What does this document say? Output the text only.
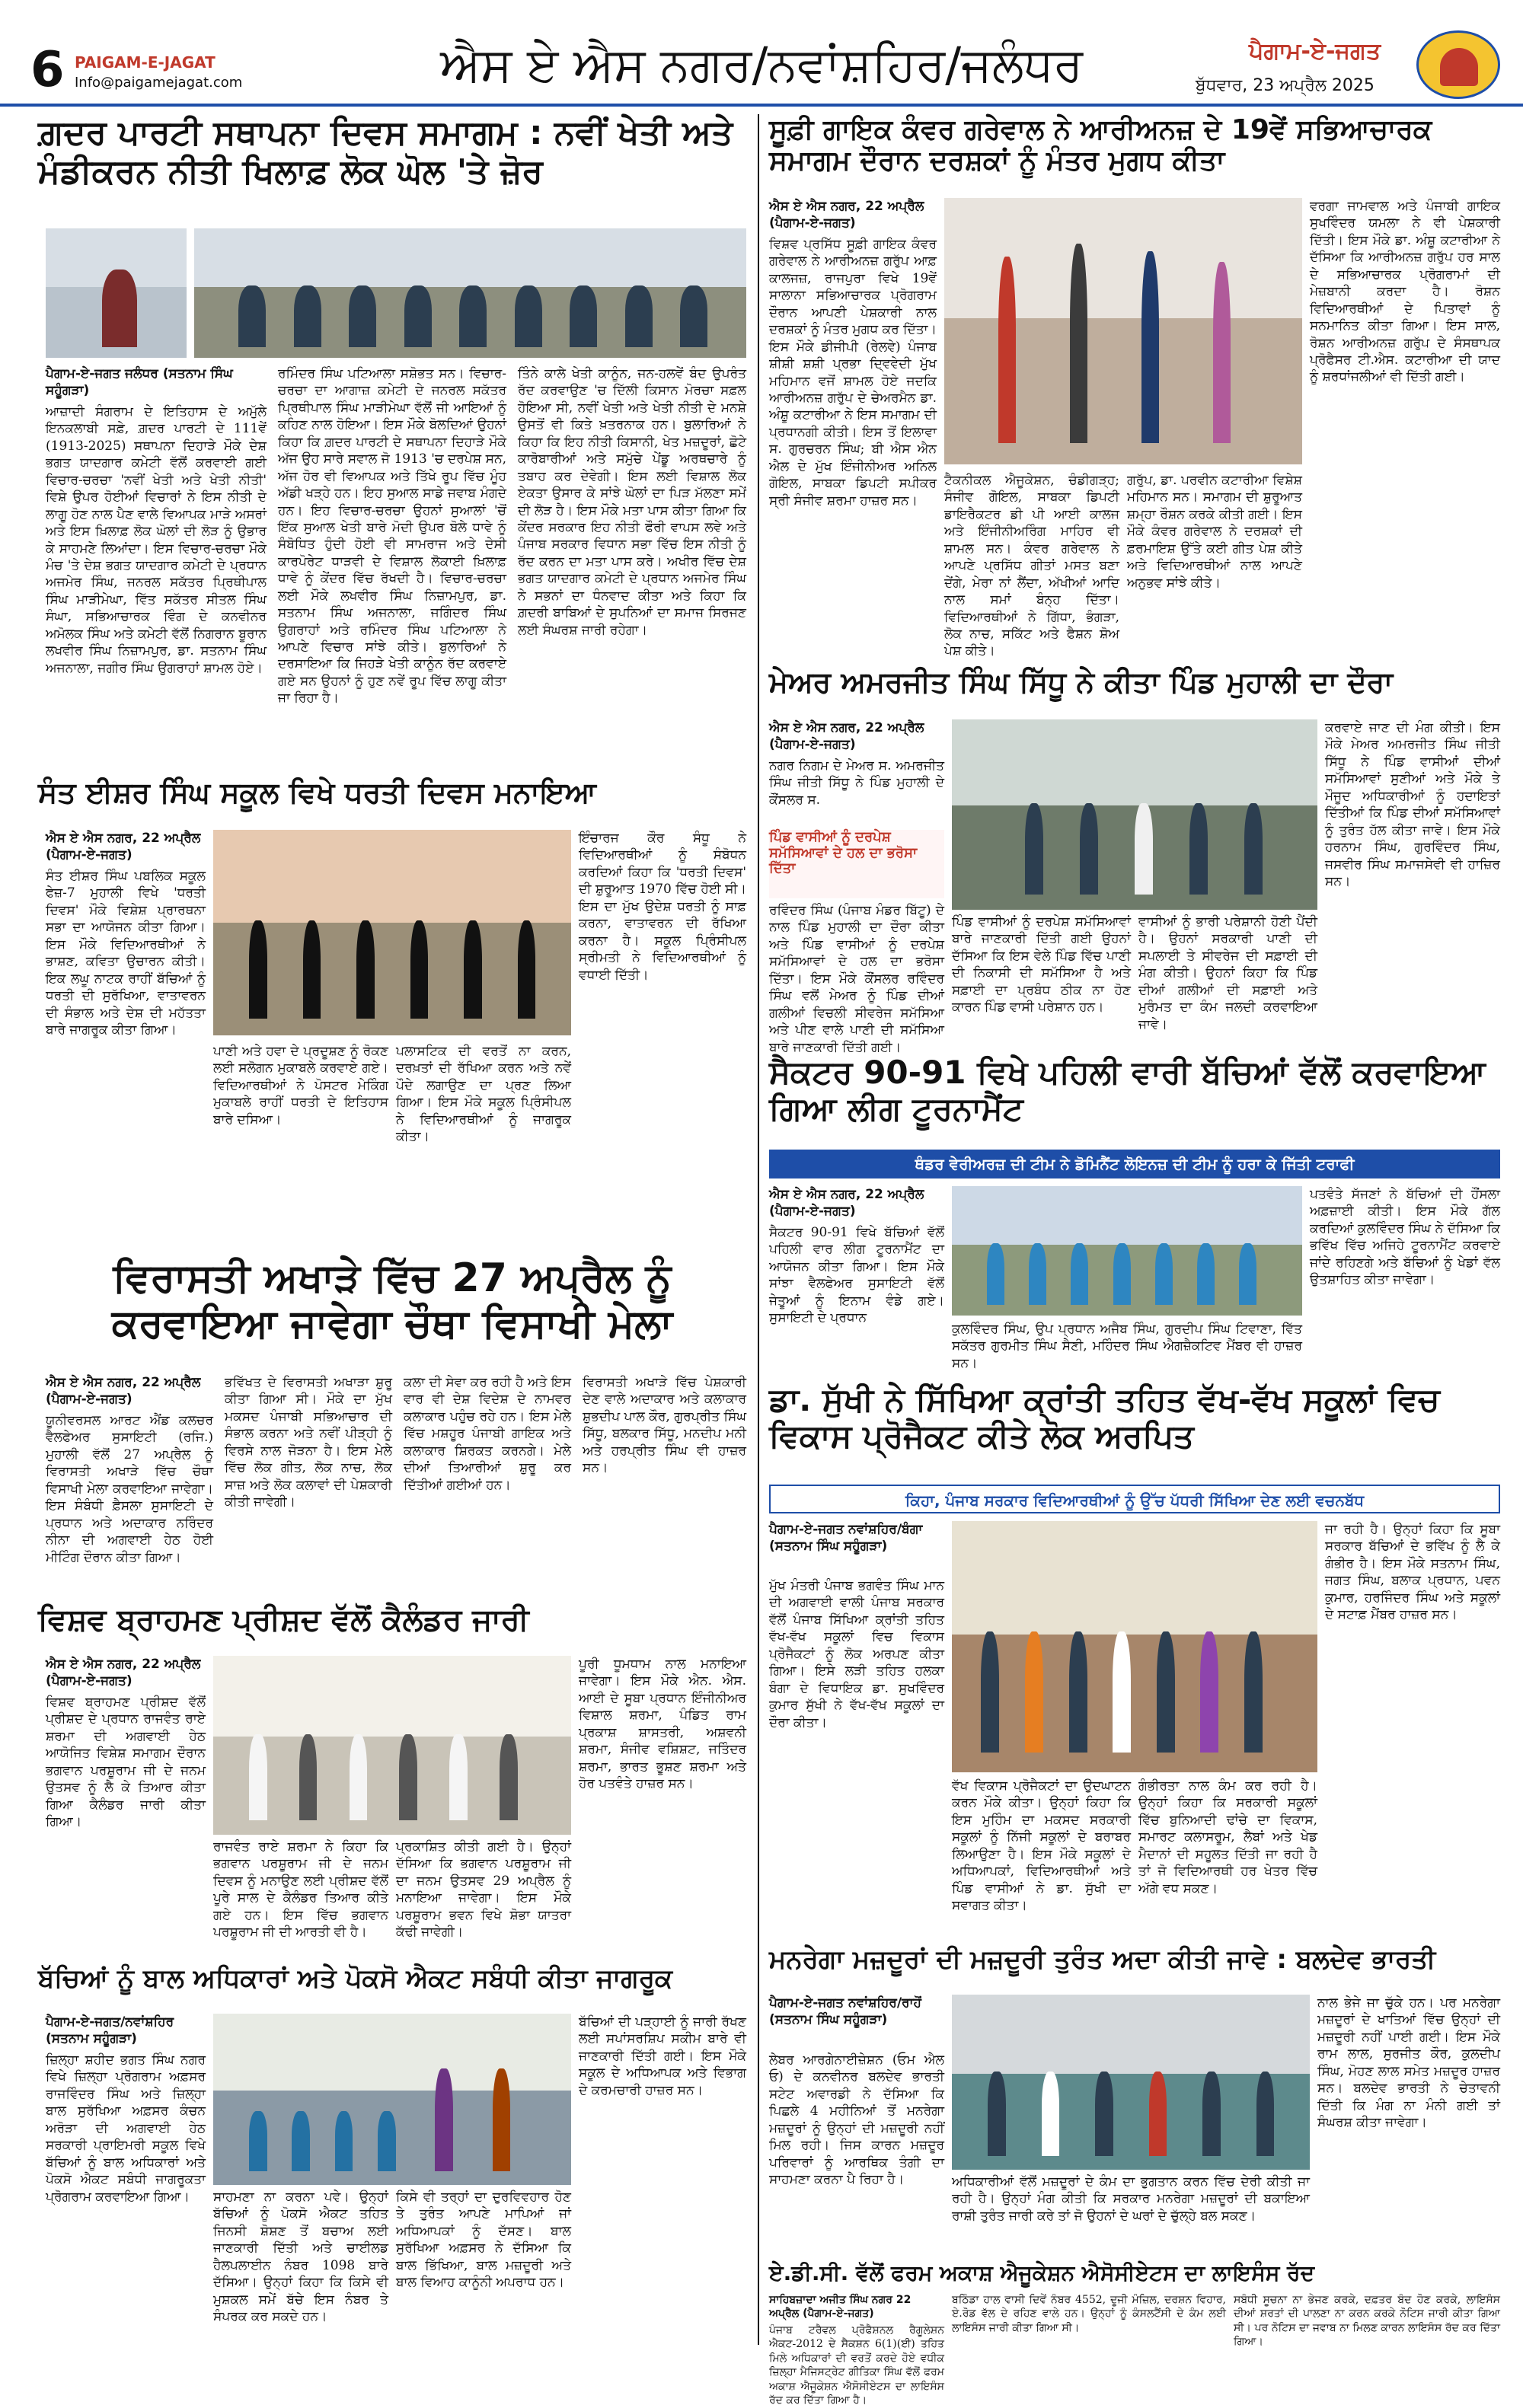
6 PAIGAM-E-JAGAT
Info@paigamejagat.com	ਐਸ ਏ ਐਸ ਨਗਰ/ਨਵਾਂਸ਼ਹਿਰ/ਜਲੰਧਰ	ਪੈਗਾਮ-ਏ-ਜਗਤ
ਬੁੱਧਵਾਰ, 23 ਅਪ੍ਰੈਲ 2025
ਗ਼ਦਰ ਪਾਰਟੀ ਸਥਾਪਨਾ ਦਿਵਸ ਸਮਾਗਮ : ਨਵੀਂ ਖੇਤੀ ਅਤੇ ਮੰਡੀਕਰਨ ਨੀਤੀ ਖਿਲਾਫ਼ ਲੋਕ ਘੋਲ 'ਤੇ ਜ਼ੋਰ
ਪੈਗਾਮ-ਏ-ਜਗਤ ਜਲੰਧਰ (ਸਤਨਾਮ ਸਿੰਘ ਸਹੂੰਗੜਾ)
ਆਜ਼ਾਦੀ ਸੰਗਰਾਮ ਦੇ ਇਤਿਹਾਸ ਦੇ ਅਮੁੱਲੇ ਇਨਕਲਾਬੀ ਸਫ਼ੇ, ਗ਼ਦਰ ਪਾਰਟੀ ਦੇ 111ਵੇਂ (1913-2025) ਸਥਾਪਨਾ ਦਿਹਾੜੇ ਮੌਕੇ ਦੇਸ਼ ਭਗਤ ਯਾਦਗਾਰ ਕਮੇਟੀ ਵੱਲੋਂ ਕਰਵਾਈ ਗਈ ਵਿਚਾਰ-ਚਰਚਾ 'ਨਵੀਂ ਖੇਤੀ ਅਤੇ ਖੇਤੀ ਨੀਤੀ' ਵਿਸ਼ੇ ਉਪਰ ਹੋਈਆਂ ਵਿਚਾਰਾਂ ਨੇ ਇਸ ਨੀਤੀ ਦੇ ਲਾਗੂ ਹੋਣ ਨਾਲ ਪੈਣ ਵਾਲੇ ਵਿਆਪਕ ਮਾੜੇ ਅਸਰਾਂ ਅਤੇ ਇਸ ਖ਼ਿਲਾਫ਼ ਲੋਕ ਘੋਲਾਂ ਦੀ ਲੋੜ ਨੂੰ ਉਭਾਰ ਕੇ ਸਾਹਮਣੇ ਲਿਆਂਦਾ। ਇਸ ਵਿਚਾਰ-ਚਰਚਾ ਮੌਕੇ ਮੰਚ 'ਤੇ ਦੇਸ਼ ਭਗਤ ਯਾਦਗਾਰ ਕਮੇਟੀ ਦੇ ਪ੍ਰਧਾਨ ਅਜਮੇਰ ਸਿੰਘ, ਜਨਰਲ ਸਕੱਤਰ ਪ੍ਰਿਥੀਪਾਲ ਸਿੰਘ ਮਾੜੀਮੇਘਾ, ਵਿੱਤ ਸਕੱਤਰ ਸੀਤਲ ਸਿੰਘ ਸੰਘਾ, ਸਭਿਆਚਾਰਕ ਵਿੰਗ ਦੇ ਕਨਵੀਨਰ ਅਮੋਲਕ ਸਿੰਘ ਅਤੇ ਕਮੇਟੀ ਵੱਲੋਂ ਨਿਗਰਾਨ ਬੂਰਾਨ ਲਖਵੀਰ ਸਿੰਘ ਨਿਜ਼ਾਮਪੁਰ, ਡਾ. ਸਤਨਾਮ ਸਿੰਘ ਅਜਨਾਲਾ, ਜਗੀਰ ਸਿੰਘ ਉਗਰਾਹਾਂ ਸ਼ਾਮਲ ਹੋਏ।
ਰਮਿੰਦਰ ਸਿੰਘ ਪਟਿਆਲਾ ਸਸ਼ੋਭਤ ਸਨ। ਵਿਚਾਰ-ਚਰਚਾ ਦਾ ਆਗਾਜ਼ ਕਮੇਟੀ ਦੇ ਜਨਰਲ ਸਕੱਤਰ ਪ੍ਰਿਥੀਪਾਲ ਸਿੰਘ ਮਾੜੀਮੇਘਾ ਵੱਲੋਂ ਜੀ ਆਇਆਂ ਨੂੰ ਕਹਿਣ ਨਾਲ ਹੋਇਆ। ਇਸ ਮੌਕੇ ਬੋਲਦਿਆਂ ਉਹਨਾਂ ਕਿਹਾ ਕਿ ਗ਼ਦਰ ਪਾਰਟੀ ਦੇ ਸਥਾਪਨਾ ਦਿਹਾੜੇ ਮੌਕੇ ਅੱਜ ਉਹ ਸਾਰੇ ਸਵਾਲ ਜੋ 1913 'ਚ ਦਰਪੇਸ਼ ਸਨ, ਅੱਜ ਹੋਰ ਵੀ ਵਿਆਪਕ ਅਤੇ ਤਿੱਖੇ ਰੂਪ ਵਿੱਚ ਮੂੰਹ ਅੱਡੀ ਖੜ੍ਹੇ ਹਨ। ਇਹ ਸੁਆਲ ਸਾਡੇ ਜਵਾਬ ਮੰਗਦੇ ਹਨ। ਇਹ ਵਿਚਾਰ-ਚਰਚਾ ਉਹਨਾਂ ਸੁਆਲਾਂ 'ਚੋਂ ਇੱਕ ਸੁਆਲ ਖੇਤੀ ਬਾਰੇ ਮੋਦੀ ਉਪਰ ਬੋਲੇ ਧਾਵੇ ਨੂੰ ਸੰਬੋਧਿਤ ਹੁੰਦੀ ਹੋਈ ਵੀ ਸਾਮਰਾਜ ਅਤੇ ਦੇਸੀ ਕਾਰਪੋਰੇਟ ਧਾੜਵੀ ਦੇ ਵਿਸ਼ਾਲ ਲੋਕਾਈ ਖ਼ਿਲਾਫ਼ ਧਾਵੇ ਨੂੰ ਕੇਂਦਰ ਵਿੱਚ ਰੱਖਦੀ ਹੈ। ਵਿਚਾਰ-ਚਰਚਾ ਲਈ ਮੌਕੇ ਲਖਵੀਰ ਸਿੰਘ ਨਿਜ਼ਾਮਪੁਰ, ਡਾ. ਸਤਨਾਮ ਸਿੰਘ ਅਜਨਾਲਾ, ਜਗਿੰਦਰ ਸਿੰਘ ਉਗਰਾਹਾਂ ਅਤੇ ਰਮਿੰਦਰ ਸਿੰਘ ਪਟਿਆਲਾ ਨੇ ਆਪਣੇ ਵਿਚਾਰ ਸਾਂਝੇ ਕੀਤੇ। ਬੁਲਾਰਿਆਂ ਨੇ ਦਰਸਾਇਆ ਕਿ ਜਿਹੜੇ ਖੇਤੀ ਕਾਨੂੰਨ ਰੱਦ ਕਰਵਾਏ ਗਏ ਸਨ ਉਹਨਾਂ ਨੂੰ ਹੁਣ ਨਵੇਂ ਰੂਪ ਵਿੱਚ ਲਾਗੂ ਕੀਤਾ ਜਾ ਰਿਹਾ ਹੈ।
ਤਿੰਨੇ ਕਾਲੇ ਖੇਤੀ ਕਾਨੂੰਨ, ਜਨ-ਹਲਵੇਂ ਬੰਦ ਉਪਰੰਤ ਰੱਦ ਕਰਵਾਉਣ 'ਚ ਦਿੱਲੀ ਕਿਸਾਨ ਮੋਰਚਾ ਸਫ਼ਲ ਹੋਇਆ ਸੀ, ਨਵੀਂ ਖੇਤੀ ਅਤੇ ਖੇਤੀ ਨੀਤੀ ਦੇ ਮਨਸ਼ੇ ਉਸਤੋਂ ਵੀ ਕਿਤੇ ਖ਼ਤਰਨਾਕ ਹਨ। ਬੁਲਾਰਿਆਂ ਨੇ ਕਿਹਾ ਕਿ ਇਹ ਨੀਤੀ ਕਿਸਾਨੀ, ਖੇਤ ਮਜ਼ਦੂਰਾਂ, ਛੋਟੇ ਕਾਰੋਬਾਰੀਆਂ ਅਤੇ ਸਮੁੱਚੇ ਪੇਂਡੂ ਅਰਥਚਾਰੇ ਨੂੰ ਤਬਾਹ ਕਰ ਦੇਵੇਗੀ। ਇਸ ਲਈ ਵਿਸ਼ਾਲ ਲੋਕ ਏਕਤਾ ਉਸਾਰ ਕੇ ਸਾਂਝੇ ਘੋਲਾਂ ਦਾ ਪਿੜ ਮੱਲਣਾ ਸਮੇਂ ਦੀ ਲੋੜ ਹੈ। ਇਸ ਮੌਕੇ ਮਤਾ ਪਾਸ ਕੀਤਾ ਗਿਆ ਕਿ ਕੇਂਦਰ ਸਰਕਾਰ ਇਹ ਨੀਤੀ ਫੌਰੀ ਵਾਪਸ ਲਵੇ ਅਤੇ ਪੰਜਾਬ ਸਰਕਾਰ ਵਿਧਾਨ ਸਭਾ ਵਿੱਚ ਇਸ ਨੀਤੀ ਨੂੰ ਰੱਦ ਕਰਨ ਦਾ ਮਤਾ ਪਾਸ ਕਰੇ। ਅਖੀਰ ਵਿੱਚ ਦੇਸ਼ ਭਗਤ ਯਾਦਗਾਰ ਕਮੇਟੀ ਦੇ ਪ੍ਰਧਾਨ ਅਜਮੇਰ ਸਿੰਘ ਨੇ ਸਭਨਾਂ ਦਾ ਧੰਨਵਾਦ ਕੀਤਾ ਅਤੇ ਕਿਹਾ ਕਿ ਗ਼ਦਰੀ ਬਾਬਿਆਂ ਦੇ ਸੁਪਨਿਆਂ ਦਾ ਸਮਾਜ ਸਿਰਜਣ ਲਈ ਸੰਘਰਸ਼ ਜਾਰੀ ਰਹੇਗਾ।
ਸੂਫ਼ੀ ਗਾਇਕ ਕੰਵਰ ਗਰੇਵਾਲ ਨੇ ਆਰੀਅਨਜ਼ ਦੇ 19ਵੇਂ ਸਭਿਆਚਾਰਕ ਸਮਾਗਮ ਦੌਰਾਨ ਦਰਸ਼ਕਾਂ ਨੂੰ ਮੰਤਰ ਮੁਗਧ ਕੀਤਾ
ਐਸ ਏ ਐਸ ਨਗਰ, 22 ਅਪ੍ਰੈਲ (ਪੈਗਾਮ-ਏ-ਜਗਤ)
ਵਿਸ਼ਵ ਪ੍ਰਸਿੱਧ ਸੂਫ਼ੀ ਗਾਇਕ ਕੰਵਰ ਗਰੇਵਾਲ ਨੇ ਆਰੀਅਨਜ਼ ਗਰੁੱਪ ਆਫ਼ ਕਾਲਜਜ਼, ਰਾਜਪੁਰਾ ਵਿਖੇ 19ਵੇਂ ਸਾਲਾਨਾ ਸਭਿਆਚਾਰਕ ਪ੍ਰੋਗਰਾਮ ਦੌਰਾਨ ਆਪਣੀ ਪੇਸ਼ਕਾਰੀ ਨਾਲ ਦਰਸ਼ਕਾਂ ਨੂੰ ਮੰਤਰ ਮੁਗਧ ਕਰ ਦਿੱਤਾ। ਇਸ ਮੌਕੇ ਡੀਜੀਪੀ (ਰੇਲਵੇ) ਪੰਜਾਬ ਸ਼ੀਸ਼ੀ ਸ਼ਸ਼ੀ ਪ੍ਰਭਾ ਦ੍ਵਿਵੇਦੀ ਮੁੱਖ ਮਹਿਮਾਨ ਵਜੋਂ ਸ਼ਾਮਲ ਹੋਏ ਜਦਕਿ ਆਰੀਅਨਜ਼ ਗਰੁੱਪ ਦੇ ਚੇਅਰਮੈਨ ਡਾ. ਅੰਸ਼ੂ ਕਟਾਰੀਆ ਨੇ ਇਸ ਸਮਾਗਮ ਦੀ ਪ੍ਰਧਾਨਗੀ ਕੀਤੀ। ਇਸ ਤੋਂ ਇਲਾਵਾ ਸ. ਗੁਰਚਰਨ ਸਿੰਘ; ਬੀ ਐਸ ਐਨ ਐਲ ਦੇ ਮੁੱਖ ਇੰਜੀਨੀਅਰ ਅਨਿਲ ਗੋਇਲ, ਸਾਬਕਾ ਡਿਪਟੀ ਸਪੀਕਰ ਸ੍ਰੀ ਸੰਜੀਵ ਸ਼ਰਮਾ ਹਾਜ਼ਰ ਸਨ।
ਟੈਕਨੀਕਲ ਐਜੂਕੇਸ਼ਨ, ਚੰਡੀਗੜ੍ਹ; ਸੰਜੀਵ ਗੋਇਲ, ਸਾਬਕਾ ਡਿਪਟੀ ਡਾਇਰੈਕਟਰ ਡੀ ਪੀ ਆਈ ਕਾਲਜ ਅਤੇ ਇੰਜੀਨੀਅਰਿੰਗ ਮਾਹਿਰ ਵੀ ਸ਼ਾਮਲ ਸਨ। ਕੰਵਰ ਗਰੇਵਾਲ ਨੇ ਆਪਣੇ ਪ੍ਰਸਿੱਧ ਗੀਤਾਂ ਮਸਤ ਬਣਾ ਦੇਂਗੇ, ਮੇਰਾ ਨਾਂ ਲੈਂਦਾ, ਅੱਖੀਆਂ ਆਦਿ ਨਾਲ ਸਮਾਂ ਬੰਨ੍ਹ ਦਿੱਤਾ। ਵਿਦਿਆਰਥੀਆਂ ਨੇ ਗਿੱਧਾ, ਭੰਗੜਾ, ਲੋਕ ਨਾਚ, ਸਕਿੱਟ ਅਤੇ ਫੈਸ਼ਨ ਸ਼ੋਅ ਪੇਸ਼ ਕੀਤੇ।
ਗਰੁੱਪ, ਡਾ. ਪਰਵੀਨ ਕਟਾਰੀਆ ਵਿਸ਼ੇਸ਼ ਮਹਿਮਾਨ ਸਨ। ਸਮਾਗਮ ਦੀ ਸ਼ੁਰੂਆਤ ਸ਼ਮ੍ਹਾ ਰੌਸ਼ਨ ਕਰਕੇ ਕੀਤੀ ਗਈ। ਇਸ ਮੌਕੇ ਕੰਵਰ ਗਰੇਵਾਲ ਨੇ ਦਰਸ਼ਕਾਂ ਦੀ ਫ਼ਰਮਾਇਸ਼ ਉੱਤੇ ਕਈ ਗੀਤ ਪੇਸ਼ ਕੀਤੇ ਅਤੇ ਵਿਦਿਆਰਥੀਆਂ ਨਾਲ ਆਪਣੇ ਅਨੁਭਵ ਸਾਂਝੇ ਕੀਤੇ।
ਵਰਗਾ ਜਾਮਵਾਲ ਅਤੇ ਪੰਜਾਬੀ ਗਾਇਕ ਸੁਖਵਿੰਦਰ ਯਮਲਾ ਨੇ ਵੀ ਪੇਸ਼ਕਾਰੀ ਦਿੱਤੀ। ਇਸ ਮੌਕੇ ਡਾ. ਅੰਸ਼ੂ ਕਟਾਰੀਆ ਨੇ ਦੱਸਿਆ ਕਿ ਆਰੀਅਨਜ਼ ਗਰੁੱਪ ਹਰ ਸਾਲ ਦੇ ਸਭਿਆਚਾਰਕ ਪ੍ਰੋਗਰਾਮਾਂ ਦੀ ਮੇਜ਼ਬਾਨੀ ਕਰਦਾ ਹੈ। ਰੋਸ਼ਨ ਵਿਦਿਆਰਥੀਆਂ ਦੇ ਪਿਤਾਵਾਂ ਨੂੰ ਸਨਮਾਨਿਤ ਕੀਤਾ ਗਿਆ। ਇਸ ਸਾਲ, ਰੋਸ਼ਨ ਆਰੀਅਨਜ਼ ਗਰੁੱਪ ਦੇ ਸੰਸਥਾਪਕ ਪ੍ਰੋਫੈਸਰ ਟੀ.ਐਸ. ਕਟਾਰੀਆ ਦੀ ਯਾਦ ਨੂੰ ਸ਼ਰਧਾਂਜਲੀਆਂ ਵੀ ਦਿੱਤੀ ਗਈ।
ਮੇਅਰ ਅਮਰਜੀਤ ਸਿੰਘ ਸਿੱਧੂ ਨੇ ਕੀਤਾ ਪਿੰਡ ਮੁਹਾਲੀ ਦਾ ਦੌਰਾ
ਐਸ ਏ ਐਸ ਨਗਰ, 22 ਅਪ੍ਰੈਲ (ਪੈਗਾਮ-ਏ-ਜਗਤ)
ਨਗਰ ਨਿਗਮ ਦੇ ਮੇਅਰ ਸ. ਅਮਰਜੀਤ ਸਿੰਘ ਜੀਤੀ ਸਿੱਧੂ ਨੇ ਪਿੰਡ ਮੁਹਾਲੀ ਦੇ ਕੌਂਸਲਰ ਸ.
ਪਿੰਡ ਵਾਸੀਆਂ ਨੂੰ ਦਰਪੇਸ਼ ਸਮੱਸਿਆਵਾਂ ਦੇ ਹਲ ਦਾ ਭਰੋਸਾ ਦਿੱਤਾ
ਰਵਿੰਦਰ ਸਿੰਘ (ਪੰਜਾਬ ਮੰਡਰ ਬਿੱਟੂ) ਦੇ ਨਾਲ ਪਿੰਡ ਮੁਹਾਲੀ ਦਾ ਦੌਰਾ ਕੀਤਾ ਅਤੇ ਪਿੰਡ ਵਾਸੀਆਂ ਨੂੰ ਦਰਪੇਸ਼ ਸਮੱਸਿਆਵਾਂ ਦੇ ਹਲ ਦਾ ਭਰੋਸਾ ਦਿੱਤਾ। ਇਸ ਮੌਕੇ ਕੌਂਸਲਰ ਰਵਿੰਦਰ ਸਿੰਘ ਵਲੋਂ ਮੇਅਰ ਨੂੰ ਪਿੰਡ ਦੀਆਂ ਗਲੀਆਂ ਵਿਚਲੀ ਸੀਵਰੇਜ ਸਮੱਸਿਆ ਅਤੇ ਪੀਣ ਵਾਲੇ ਪਾਣੀ ਦੀ ਸਮੱਸਿਆ ਬਾਰੇ ਜਾਣਕਾਰੀ ਦਿੱਤੀ ਗਈ।
ਪਿੰਡ ਵਾਸੀਆਂ ਨੂੰ ਦਰਪੇਸ਼ ਸਮੱਸਿਆਵਾਂ ਬਾਰੇ ਜਾਣਕਾਰੀ ਦਿੱਤੀ ਗਈ ਉਹਨਾਂ ਦੱਸਿਆ ਕਿ ਇਸ ਵੇਲੇ ਪਿੰਡ ਵਿੱਚ ਪਾਣੀ ਦੀ ਨਿਕਾਸੀ ਦੀ ਸਮੱਸਿਆ ਹੈ ਅਤੇ ਸਫ਼ਾਈ ਦਾ ਪ੍ਰਬੰਧ ਠੀਕ ਨਾ ਹੋਣ ਕਾਰਨ ਪਿੰਡ ਵਾਸੀ ਪਰੇਸ਼ਾਨ ਹਨ।
ਵਾਸੀਆਂ ਨੂੰ ਭਾਰੀ ਪਰੇਸ਼ਾਨੀ ਹੋਣੀ ਪੈਂਦੀ ਹੈ। ਉਹਨਾਂ ਸਰਕਾਰੀ ਪਾਣੀ ਦੀ ਸਪਲਾਈ ਤੇ ਸੀਵਰੇਜ ਦੀ ਸਫ਼ਾਈ ਦੀ ਮੰਗ ਕੀਤੀ। ਉਹਨਾਂ ਕਿਹਾ ਕਿ ਪਿੰਡ ਦੀਆਂ ਗਲੀਆਂ ਦੀ ਸਫ਼ਾਈ ਅਤੇ ਮੁਰੰਮਤ ਦਾ ਕੰਮ ਜਲਦੀ ਕਰਵਾਇਆ ਜਾਵੇ।
ਕਰਵਾਏ ਜਾਣ ਦੀ ਮੰਗ ਕੀਤੀ। ਇਸ ਮੌਕੇ ਮੇਅਰ ਅਮਰਜੀਤ ਸਿੰਘ ਜੀਤੀ ਸਿੱਧੂ ਨੇ ਪਿੰਡ ਵਾਸੀਆਂ ਦੀਆਂ ਸਮੱਸਿਆਵਾਂ ਸੁਣੀਆਂ ਅਤੇ ਮੌਕੇ ਤੇ ਮੌਜੂਦ ਅਧਿਕਾਰੀਆਂ ਨੂੰ ਹਦਾਇਤਾਂ ਦਿੱਤੀਆਂ ਕਿ ਪਿੰਡ ਦੀਆਂ ਸਮੱਸਿਆਵਾਂ ਨੂੰ ਤੁਰੰਤ ਹੱਲ ਕੀਤਾ ਜਾਵੇ। ਇਸ ਮੌਕੇ ਹਰਨਾਮ ਸਿੰਘ, ਗੁਰਵਿੰਦਰ ਸਿੰਘ, ਜਸਵੀਰ ਸਿੰਘ ਸਮਾਜਸੇਵੀ ਵੀ ਹਾਜ਼ਿਰ ਸਨ।
ਸੰਤ ਈਸ਼ਰ ਸਿੰਘ ਸਕੂਲ ਵਿਖੇ ਧਰਤੀ ਦਿਵਸ ਮਨਾਇਆ
ਐਸ ਏ ਐਸ ਨਗਰ, 22 ਅਪ੍ਰੈਲ (ਪੈਗਾਮ-ਏ-ਜਗਤ)
ਸੰਤ ਈਸ਼ਰ ਸਿੰਘ ਪਬਲਿਕ ਸਕੂਲ ਫੇਜ਼-7 ਮੁਹਾਲੀ ਵਿਖੇ 'ਧਰਤੀ ਦਿਵਸ' ਮੌਕੇ ਵਿਸ਼ੇਸ਼ ਪ੍ਰਾਰਥਨਾ ਸਭਾ ਦਾ ਆਯੋਜਨ ਕੀਤਾ ਗਿਆ। ਇਸ ਮੌਕੇ ਵਿਦਿਆਰਥੀਆਂ ਨੇ ਭਾਸ਼ਣ, ਕਵਿਤਾ ਉਚਾਰਨ ਕੀਤੀ। ਇਕ ਲਘੂ ਨਾਟਕ ਰਾਹੀਂ ਬੱਚਿਆਂ ਨੂੰ ਧਰਤੀ ਦੀ ਸੁਰੱਖਿਆ, ਵਾਤਾਵਰਨ ਦੀ ਸੰਭਾਲ ਅਤੇ ਦੇਸ਼ ਦੀ ਮਹੱਤਤਾ ਬਾਰੇ ਜਾਗਰੂਕ ਕੀਤਾ ਗਿਆ।
ਪਾਣੀ ਅਤੇ ਹਵਾ ਦੇ ਪ੍ਰਦੂਸ਼ਣ ਨੂੰ ਰੋਕਣ ਲਈ ਸਲੋਗਨ ਮੁਕਾਬਲੇ ਕਰਵਾਏ ਗਏ। ਵਿਦਿਆਰਥੀਆਂ ਨੇ ਪੋਸਟਰ ਮੇਕਿੰਗ ਮੁਕਾਬਲੇ ਰਾਹੀਂ ਧਰਤੀ ਦੇ ਇਤਿਹਾਸ ਬਾਰੇ ਦਸਿਆ।
ਪਲਾਸਟਿਕ ਦੀ ਵਰਤੋਂ ਨਾ ਕਰਨ, ਦਰਖ਼ਤਾਂ ਦੀ ਰੱਖਿਆ ਕਰਨ ਅਤੇ ਨਵੇਂ ਪੌਦੇ ਲਗਾਉਣ ਦਾ ਪ੍ਰਣ ਲਿਆ ਗਿਆ। ਇਸ ਮੌਕੇ ਸਕੂਲ ਪ੍ਰਿੰਸੀਪਲ ਨੇ ਵਿਦਿਆਰਥੀਆਂ ਨੂੰ ਜਾਗਰੂਕ ਕੀਤਾ।
ਇੰਚਾਰਜ ਕੌਰ ਸੰਧੂ ਨੇ ਵਿਦਿਆਰਥੀਆਂ ਨੂੰ ਸੰਬੋਧਨ ਕਰਦਿਆਂ ਕਿਹਾ ਕਿ 'ਧਰਤੀ ਦਿਵਸ' ਦੀ ਸ਼ੁਰੂਆਤ 1970 ਵਿੱਚ ਹੋਈ ਸੀ। ਇਸ ਦਾ ਮੁੱਖ ਉਦੇਸ਼ ਧਰਤੀ ਨੂੰ ਸਾਫ਼ ਕਰਨਾ, ਵਾਤਾਵਰਨ ਦੀ ਰੱਖਿਆ ਕਰਨਾ ਹੈ। ਸਕੂਲ ਪ੍ਰਿੰਸੀਪਲ ਸ੍ਰੀਮਤੀ ਨੇ ਵਿਦਿਆਰਥੀਆਂ ਨੂੰ ਵਧਾਈ ਦਿੱਤੀ।
ਸੈਕਟਰ 90-91 ਵਿਖੇ ਪਹਿਲੀ ਵਾਰੀ ਬੱਚਿਆਂ ਵੱਲੋਂ ਕਰਵਾਇਆ ਗਿਆ ਲੀਗ ਟੂਰਨਾਮੈਂਟ
ਥੰਡਰ ਵੇਰੀਅਰਜ਼ ਦੀ ਟੀਮ ਨੇ ਡੋਮਿਨੈਂਟ ਲੋਇਨਜ਼ ਦੀ ਟੀਮ ਨੂੰ ਹਰਾ ਕੇ ਜਿੱਤੀ ਟਰਾਫੀ
ਐਸ ਏ ਐਸ ਨਗਰ, 22 ਅਪ੍ਰੈਲ (ਪੈਗਾਮ-ਏ-ਜਗਤ)
ਸੈਕਟਰ 90-91 ਵਿਖੇ ਬੱਚਿਆਂ ਵੱਲੋਂ ਪਹਿਲੀ ਵਾਰ ਲੀਗ ਟੂਰਨਾਮੈਂਟ ਦਾ ਆਯੋਜਨ ਕੀਤਾ ਗਿਆ। ਇਸ ਮੌਕੇ ਸਾਂਝਾ ਵੈਲਫੇਅਰ ਸੁਸਾਇਟੀ ਵੱਲੋਂ ਜੇਤੂਆਂ ਨੂੰ ਇਨਾਮ ਵੰਡੇ ਗਏ। ਸੁਸਾਇਟੀ ਦੇ ਪ੍ਰਧਾਨ
ਕੁਲਵਿੰਦਰ ਸਿੰਘ, ਉਪ ਪ੍ਰਧਾਨ ਅਜੈਬ ਸਿੰਘ, ਗੁਰਦੀਪ ਸਿੰਘ ਟਿਵਾਣਾ, ਵਿੱਤ ਸਕੱਤਰ ਗੁਰਮੀਤ ਸਿੰਘ ਸੈਣੀ, ਮਹਿੰਦਰ ਸਿੰਘ ਐਗਜ਼ੈਕਟਿਵ ਮੈਂਬਰ ਵੀ ਹਾਜ਼ਰ ਸਨ।
ਪਤਵੰਤੇ ਸੱਜਣਾਂ ਨੇ ਬੱਚਿਆਂ ਦੀ ਹੌਂਸਲਾ ਅਫ਼ਜ਼ਾਈ ਕੀਤੀ। ਇਸ ਮੌਕੇ ਗੱਲ ਕਰਦਿਆਂ ਕੁਲਵਿੰਦਰ ਸਿੰਘ ਨੇ ਦੱਸਿਆ ਕਿ ਭਵਿੱਖ ਵਿੱਚ ਅਜਿਹੇ ਟੂਰਨਾਮੈਂਟ ਕਰਵਾਏ ਜਾਂਦੇ ਰਹਿਣਗੇ ਅਤੇ ਬੱਚਿਆਂ ਨੂੰ ਖੇਡਾਂ ਵੱਲ ਉਤਸ਼ਾਹਿਤ ਕੀਤਾ ਜਾਵੇਗਾ।
ਵਿਰਾਸਤੀ ਅਖਾੜੇ ਵਿੱਚ 27 ਅਪ੍ਰੈਲ ਨੂੰ ਕਰਵਾਇਆ ਜਾਵੇਗਾ ਚੌਥਾ ਵਿਸਾਖੀ ਮੇਲਾ
ਐਸ ਏ ਐਸ ਨਗਰ, 22 ਅਪ੍ਰੈਲ (ਪੈਗਾਮ-ਏ-ਜਗਤ)
ਯੂਨੀਵਰਸਲ ਆਰਟ ਐਂਡ ਕਲਚਰ ਵੈਲਫੇਅਰ ਸੁਸਾਇਟੀ (ਰਜਿ.) ਮੁਹਾਲੀ ਵੱਲੋਂ 27 ਅਪ੍ਰੈਲ ਨੂੰ ਵਿਰਾਸਤੀ ਅਖਾੜੇ ਵਿੱਚ ਚੌਥਾ ਵਿਸਾਖੀ ਮੇਲਾ ਕਰਵਾਇਆ ਜਾਵੇਗਾ। ਇਸ ਸੰਬੰਧੀ ਫ਼ੈਸਲਾ ਸੁਸਾਇਟੀ ਦੇ ਪ੍ਰਧਾਨ ਅਤੇ ਅਦਾਕਾਰ ਨਰਿੰਦਰ ਨੀਨਾ ਦੀ ਅਗਵਾਈ ਹੇਠ ਹੋਈ ਮੀਟਿੰਗ ਦੌਰਾਨ ਕੀਤਾ ਗਿਆ।
ਭਵਿੱਖਤ ਦੇ ਵਿਰਾਸਤੀ ਅਖਾੜਾ ਸ਼ੁਰੂ ਕੀਤਾ ਗਿਆ ਸੀ। ਮੌਕੇ ਦਾ ਮੁੱਖ ਮਕਸਦ ਪੰਜਾਬੀ ਸਭਿਆਚਾਰ ਦੀ ਸੰਭਾਲ ਕਰਨਾ ਅਤੇ ਨਵੀਂ ਪੀੜ੍ਹੀ ਨੂੰ ਵਿਰਸੇ ਨਾਲ ਜੋੜਨਾ ਹੈ। ਇਸ ਮੇਲੇ ਵਿੱਚ ਲੋਕ ਗੀਤ, ਲੋਕ ਨਾਚ, ਲੋਕ ਸਾਜ਼ ਅਤੇ ਲੋਕ ਕਲਾਵਾਂ ਦੀ ਪੇਸ਼ਕਾਰੀ ਕੀਤੀ ਜਾਵੇਗੀ।
ਕਲਾ ਦੀ ਸੇਵਾ ਕਰ ਰਹੀ ਹੈ ਅਤੇ ਇਸ ਵਾਰ ਵੀ ਦੇਸ਼ ਵਿਦੇਸ਼ ਦੇ ਨਾਮਵਰ ਕਲਾਕਾਰ ਪਹੁੰਚ ਰਹੇ ਹਨ। ਇਸ ਮੇਲੇ ਵਿੱਚ ਮਸ਼ਹੂਰ ਪੰਜਾਬੀ ਗਾਇਕ ਅਤੇ ਕਲਾਕਾਰ ਸ਼ਿਰਕਤ ਕਰਨਗੇ। ਮੇਲੇ ਦੀਆਂ ਤਿਆਰੀਆਂ ਸ਼ੁਰੂ ਕਰ ਦਿੱਤੀਆਂ ਗਈਆਂ ਹਨ।
ਵਿਰਾਸਤੀ ਅਖਾੜੇ ਵਿੱਚ ਪੇਸ਼ਕਾਰੀ ਦੇਣ ਵਾਲੇ ਅਦਾਕਾਰ ਅਤੇ ਕਲਾਕਾਰ ਸ਼ੁਭਦੀਪ ਪਾਲ ਕੌਰ, ਗੁਰਪ੍ਰੀਤ ਸਿੰਘ ਸਿੱਧੂ, ਬਲਕਾਰ ਸਿੱਧੂ, ਮਨਦੀਪ ਮਨੀ ਅਤੇ ਹਰਪ੍ਰੀਤ ਸਿੰਘ ਵੀ ਹਾਜ਼ਰ ਸਨ।
ਡਾ. ਸੁੱਖੀ ਨੇ ਸਿੱਖਿਆ ਕ੍ਰਾਂਤੀ ਤਹਿਤ ਵੱਖ-ਵੱਖ ਸਕੂਲਾਂ ਵਿਚ ਵਿਕਾਸ ਪ੍ਰੋਜੈਕਟ ਕੀਤੇ ਲੋਕ ਅਰਪਿਤ
ਕਿਹਾ, ਪੰਜਾਬ ਸਰਕਾਰ ਵਿਦਿਆਰਥੀਆਂ ਨੂੰ ਉੱਚ ਪੱਧਰੀ ਸਿੱਖਿਆ ਦੇਣ ਲਈ ਵਚਨਬੱਧ
ਪੈਗਾਮ-ਏ-ਜਗਤ ਨਵਾਂਸ਼ਹਿਰ/ਬੰਗਾ (ਸਤਨਾਮ ਸਿੰਘ ਸਹੂੰਗੜਾ)
ਮੁੱਖ ਮੰਤਰੀ ਪੰਜਾਬ ਭਗਵੰਤ ਸਿੰਘ ਮਾਨ ਦੀ ਅਗਵਾਈ ਵਾਲੀ ਪੰਜਾਬ ਸਰਕਾਰ ਵੱਲੋਂ ਪੰਜਾਬ ਸਿੱਖਿਆ ਕ੍ਰਾਂਤੀ ਤਹਿਤ ਵੱਖ-ਵੱਖ ਸਕੂਲਾਂ ਵਿਚ ਵਿਕਾਸ ਪ੍ਰੋਜੈਕਟਾਂ ਨੂੰ ਲੋਕ ਅਰਪਣ ਕੀਤਾ ਗਿਆ। ਇਸੇ ਲੜੀ ਤਹਿਤ ਹਲਕਾ ਬੰਗਾ ਦੇ ਵਿਧਾਇਕ ਡਾ. ਸੁਖਵਿੰਦਰ ਕੁਮਾਰ ਸੁੱਖੀ ਨੇ ਵੱਖ-ਵੱਖ ਸਕੂਲਾਂ ਦਾ ਦੌਰਾ ਕੀਤਾ।
ਵੱਖ ਵਿਕਾਸ ਪ੍ਰੋਜੈਕਟਾਂ ਦਾ ਉਦਘਾਟਨ ਕਰਨ ਮੌਕੇ ਕੀਤਾ। ਉਨ੍ਹਾਂ ਕਿਹਾ ਕਿ ਇਸ ਮੁਹਿੰਮ ਦਾ ਮਕਸਦ ਸਰਕਾਰੀ ਸਕੂਲਾਂ ਨੂੰ ਨਿੱਜੀ ਸਕੂਲਾਂ ਦੇ ਬਰਾਬਰ ਲਿਆਉਣਾ ਹੈ। ਇਸ ਮੌਕੇ ਸਕੂਲਾਂ ਦੇ ਅਧਿਆਪਕਾਂ, ਵਿਦਿਆਰਥੀਆਂ ਅਤੇ ਪਿੰਡ ਵਾਸੀਆਂ ਨੇ ਡਾ. ਸੁੱਖੀ ਦਾ ਸਵਾਗਤ ਕੀਤਾ।
ਗੰਭੀਰਤਾ ਨਾਲ ਕੰਮ ਕਰ ਰਹੀ ਹੈ। ਉਨ੍ਹਾਂ ਕਿਹਾ ਕਿ ਸਰਕਾਰੀ ਸਕੂਲਾਂ ਵਿੱਚ ਬੁਨਿਆਦੀ ਢਾਂਚੇ ਦਾ ਵਿਕਾਸ, ਸਮਾਰਟ ਕਲਾਸਰੂਮ, ਲੈਬਾਂ ਅਤੇ ਖੇਡ ਮੈਦਾਨਾਂ ਦੀ ਸਹੂਲਤ ਦਿੱਤੀ ਜਾ ਰਹੀ ਹੈ ਤਾਂ ਜੋ ਵਿਦਿਆਰਥੀ ਹਰ ਖੇਤਰ ਵਿੱਚ ਅੱਗੇ ਵਧ ਸਕਣ।
ਜਾ ਰਹੀ ਹੈ। ਉਨ੍ਹਾਂ ਕਿਹਾ ਕਿ ਸੂਬਾ ਸਰਕਾਰ ਬੱਚਿਆਂ ਦੇ ਭਵਿੱਖ ਨੂੰ ਲੈ ਕੇ ਗੰਭੀਰ ਹੈ। ਇਸ ਮੌਕੇ ਸਤਨਾਮ ਸਿੰਘ, ਜਗਤ ਸਿੰਘ, ਬਲਾਕ ਪ੍ਰਧਾਨ, ਪਵਨ ਕੁਮਾਰ, ਹਰਜਿੰਦਰ ਸਿੰਘ ਅਤੇ ਸਕੂਲਾਂ ਦੇ ਸਟਾਫ਼ ਮੈਂਬਰ ਹਾਜ਼ਰ ਸਨ।
ਵਿਸ਼ਵ ਬ੍ਰਾਹਮਣ ਪ੍ਰੀਸ਼ਦ ਵੱਲੋਂ ਕੈਲੰਡਰ ਜਾਰੀ
ਐਸ ਏ ਐਸ ਨਗਰ, 22 ਅਪ੍ਰੈਲ (ਪੈਗਾਮ-ਏ-ਜਗਤ)
ਵਿਸ਼ਵ ਬ੍ਰਾਹਮਣ ਪ੍ਰੀਸ਼ਦ ਵੱਲੋਂ ਪ੍ਰੀਸ਼ਦ ਦੇ ਪ੍ਰਧਾਨ ਰਾਜਵੰਤ ਰਾਏ ਸ਼ਰਮਾ ਦੀ ਅਗਵਾਈ ਹੇਠ ਆਯੋਜਿਤ ਵਿਸ਼ੇਸ਼ ਸਮਾਗਮ ਦੌਰਾਨ ਭਗਵਾਨ ਪਰਸ਼ੂਰਾਮ ਜੀ ਦੇ ਜਨਮ ਉਤਸਵ ਨੂੰ ਲੈ ਕੇ ਤਿਆਰ ਕੀਤਾ ਗਿਆ ਕੈਲੰਡਰ ਜਾਰੀ ਕੀਤਾ ਗਿਆ।
ਰਾਜਵੰਤ ਰਾਏ ਸ਼ਰਮਾ ਨੇ ਕਿਹਾ ਕਿ ਭਗਵਾਨ ਪਰਸ਼ੂਰਾਮ ਜੀ ਦੇ ਜਨਮ ਦਿਵਸ ਨੂੰ ਮਨਾਉਣ ਲਈ ਪ੍ਰੀਸ਼ਦ ਵੱਲੋਂ ਪੂਰੇ ਸਾਲ ਦੇ ਕੈਲੰਡਰ ਤਿਆਰ ਕੀਤੇ ਗਏ ਹਨ। ਇਸ ਵਿੱਚ ਭਗਵਾਨ ਪਰਸ਼ੂਰਾਮ ਜੀ ਦੀ ਆਰਤੀ ਵੀ ਹੈ।
ਪ੍ਰਕਾਸ਼ਿਤ ਕੀਤੀ ਗਈ ਹੈ। ਉਨ੍ਹਾਂ ਦੱਸਿਆ ਕਿ ਭਗਵਾਨ ਪਰਸ਼ੂਰਾਮ ਜੀ ਦਾ ਜਨਮ ਉਤਸਵ 29 ਅਪ੍ਰੈਲ ਨੂੰ ਮਨਾਇਆ ਜਾਵੇਗਾ। ਇਸ ਮੌਕੇ ਪਰਸ਼ੂਰਾਮ ਭਵਨ ਵਿਖੇ ਸ਼ੋਭਾ ਯਾਤਰਾ ਕੱਢੀ ਜਾਵੇਗੀ।
ਪੂਰੀ ਧੂਮਧਾਮ ਨਾਲ ਮਨਾਇਆ ਜਾਵੇਗਾ। ਇਸ ਮੌਕੇ ਐਨ. ਐਸ. ਆਈ ਦੇ ਸੂਬਾ ਪ੍ਰਧਾਨ ਇੰਜੀਨੀਅਰ ਵਿਸ਼ਾਲ ਸ਼ਰਮਾ, ਪੰਡਿਤ ਰਾਮ ਪ੍ਰਕਾਸ਼ ਸ਼ਾਸਤਰੀ, ਅਸ਼ਵਨੀ ਸ਼ਰਮਾ, ਸੰਜੀਵ ਵਸ਼ਿਸ਼ਟ, ਜਤਿੰਦਰ ਸ਼ਰਮਾ, ਭਾਰਤ ਭੂਸ਼ਣ ਸ਼ਰਮਾ ਅਤੇ ਹੋਰ ਪਤਵੰਤੇ ਹਾਜ਼ਰ ਸਨ।
ਮਨਰੇਗਾ ਮਜ਼ਦੂਰਾਂ ਦੀ ਮਜ਼ਦੂਰੀ ਤੁਰੰਤ ਅਦਾ ਕੀਤੀ ਜਾਵੇ : ਬਲਦੇਵ ਭਾਰਤੀ
ਪੈਗਾਮ-ਏ-ਜਗਤ ਨਵਾਂਸ਼ਹਿਰ/ਰਾਹੋਂ (ਸਤਨਾਮ ਸਿੰਘ ਸਹੂੰਗੜਾ)
ਲੇਬਰ ਆਰਗੇਨਾਈਜ਼ੇਸ਼ਨ (ਓਮ ਐਲ ਓ) ਦੇ ਕਨਵੀਨਰ ਬਲਦੇਵ ਭਾਰਤੀ ਸਟੇਟ ਅਵਾਰਡੀ ਨੇ ਦੱਸਿਆ ਕਿ ਪਿਛਲੇ 4 ਮਹੀਨਿਆਂ ਤੋਂ ਮਨਰੇਗਾ ਮਜ਼ਦੂਰਾਂ ਨੂੰ ਉਨ੍ਹਾਂ ਦੀ ਮਜ਼ਦੂਰੀ ਨਹੀਂ ਮਿਲ ਰਹੀ। ਜਿਸ ਕਾਰਨ ਮਜ਼ਦੂਰ ਪਰਿਵਾਰਾਂ ਨੂੰ ਆਰਥਿਕ ਤੰਗੀ ਦਾ ਸਾਹਮਣਾ ਕਰਨਾ ਪੈ ਰਿਹਾ ਹੈ।	ਅਧਿਕਾਰੀਆਂ ਵੱਲੋਂ ਮਜ਼ਦੂਰਾਂ ਦੇ ਕੰਮ ਦਾ ਭੁਗਤਾਨ ਕਰਨ ਵਿੱਚ ਦੇਰੀ ਕੀਤੀ ਜਾ ਰਹੀ ਹੈ। ਉਨ੍ਹਾਂ ਮੰਗ ਕੀਤੀ ਕਿ ਸਰਕਾਰ ਮਨਰੇਗਾ ਮਜ਼ਦੂਰਾਂ ਦੀ ਬਕਾਇਆ ਰਾਸ਼ੀ ਤੁਰੰਤ ਜਾਰੀ ਕਰੇ ਤਾਂ ਜੋ ਉਹਨਾਂ ਦੇ ਘਰਾਂ ਦੇ ਚੁੱਲ੍ਹੇ ਬਲ ਸਕਣ।
ਨਾਲ ਭੇਜੇ ਜਾ ਚੁੱਕੇ ਹਨ। ਪਰ ਮਨਰੇਗਾ ਮਜ਼ਦੂਰਾਂ ਦੇ ਖਾਤਿਆਂ ਵਿੱਚ ਉਨ੍ਹਾਂ ਦੀ ਮਜ਼ਦੂਰੀ ਨਹੀਂ ਪਾਈ ਗਈ। ਇਸ ਮੌਕੇ ਰਾਮ ਲਾਲ, ਸੁਰਜੀਤ ਕੌਰ, ਕੁਲਦੀਪ ਸਿੰਘ, ਮੋਹਣ ਲਾਲ ਸਮੇਤ ਮਜ਼ਦੂਰ ਹਾਜ਼ਰ ਸਨ। ਬਲਦੇਵ ਭਾਰਤੀ ਨੇ ਚੇਤਾਵਨੀ ਦਿੱਤੀ ਕਿ ਮੰਗ ਨਾ ਮੰਨੀ ਗਈ ਤਾਂ ਸੰਘਰਸ਼ ਕੀਤਾ ਜਾਵੇਗਾ।
ਬੱਚਿਆਂ ਨੂੰ ਬਾਲ ਅਧਿਕਾਰਾਂ ਅਤੇ ਪੋਕਸੋ ਐਕਟ ਸਬੰਧੀ ਕੀਤਾ ਜਾਗਰੂਕ
ਪੈਗਾਮ-ਏ-ਜਗਤ/ਨਵਾਂਸ਼ਹਿਰ (ਸਤਨਾਮ ਸਹੂੰਗੜਾ)
ਜ਼ਿਲ੍ਹਾ ਸ਼ਹੀਦ ਭਗਤ ਸਿੰਘ ਨਗਰ ਵਿਖੇ ਜ਼ਿਲ੍ਹਾ ਪ੍ਰੋਗਰਾਮ ਅਫ਼ਸਰ ਰਾਜਵਿੰਦਰ ਸਿੰਘ ਅਤੇ ਜ਼ਿਲ੍ਹਾ ਬਾਲ ਸੁਰੱਖਿਆ ਅਫ਼ਸਰ ਕੰਚਨ ਅਰੋੜਾ ਦੀ ਅਗਵਾਈ ਹੇਠ ਸਰਕਾਰੀ ਪ੍ਰਾਇਮਰੀ ਸਕੂਲ ਵਿਖੇ ਬੱਚਿਆਂ ਨੂੰ ਬਾਲ ਅਧਿਕਾਰਾਂ ਅਤੇ ਪੋਕਸੋ ਐਕਟ ਸਬੰਧੀ ਜਾਗਰੂਕਤਾ ਪ੍ਰੋਗਰਾਮ ਕਰਵਾਇਆ ਗਿਆ।	ਸਾਹਮਣਾ ਨਾ ਕਰਨਾ ਪਵੇ। ਉਨ੍ਹਾਂ ਬੱਚਿਆਂ ਨੂੰ ਪੋਕਸੋ ਐਕਟ ਤਹਿਤ ਜਿਨਸੀ ਸ਼ੋਸ਼ਣ ਤੋਂ ਬਚਾਅ ਲਈ ਜਾਣਕਾਰੀ ਦਿੱਤੀ ਅਤੇ ਚਾਈਲਡ ਹੈਲਪਲਾਈਨ ਨੰਬਰ 1098 ਬਾਰੇ ਦੱਸਿਆ। ਉਨ੍ਹਾਂ ਕਿਹਾ ਕਿ ਕਿਸੇ ਵੀ ਮੁਸ਼ਕਲ ਸਮੇਂ ਬੱਚੇ ਇਸ ਨੰਬਰ ਤੇ ਸੰਪਰਕ ਕਰ ਸਕਦੇ ਹਨ।
ਕਿਸੇ ਵੀ ਤਰ੍ਹਾਂ ਦਾ ਦੁਰਵਿਵਹਾਰ ਹੋਣ ਤੇ ਤੁਰੰਤ ਆਪਣੇ ਮਾਪਿਆਂ ਜਾਂ ਅਧਿਆਪਕਾਂ ਨੂੰ ਦੱਸਣ। ਬਾਲ ਸੁਰੱਖਿਆ ਅਫ਼ਸਰ ਨੇ ਦੱਸਿਆ ਕਿ ਬਾਲ ਭਿੱਖਿਆ, ਬਾਲ ਮਜ਼ਦੂਰੀ ਅਤੇ ਬਾਲ ਵਿਆਹ ਕਾਨੂੰਨੀ ਅਪਰਾਧ ਹਨ।
ਬੱਚਿਆਂ ਦੀ ਪੜ੍ਹਾਈ ਨੂੰ ਜਾਰੀ ਰੱਖਣ ਲਈ ਸਪਾਂਸਰਸ਼ਿਪ ਸਕੀਮ ਬਾਰੇ ਵੀ ਜਾਣਕਾਰੀ ਦਿੱਤੀ ਗਈ। ਇਸ ਮੌਕੇ ਸਕੂਲ ਦੇ ਅਧਿਆਪਕ ਅਤੇ ਵਿਭਾਗ ਦੇ ਕਰਮਚਾਰੀ ਹਾਜ਼ਰ ਸਨ।
ਏ.ਡੀ.ਸੀ. ਵੱਲੋਂ ਫਰਮ ਅਕਾਸ਼ ਐਜੂਕੇਸ਼ਨ ਐਸੋਸੀਏਟਸ ਦਾ ਲਾਇਸੰਸ ਰੱਦ
ਸਾਹਿਬਜ਼ਾਦਾ ਅਜੀਤ ਸਿੰਘ ਨਗਰ 22 ਅਪ੍ਰੈਲ (ਪੈਗਾਮ-ਏ-ਜਗਤ)
ਪੰਜਾਬ ਟਰੈਵਲ ਪ੍ਰੋਫੈਸ਼ਨਲ ਰੈਗੂਲੇਸ਼ਨ ਐਕਟ-2012 ਦੇ ਸੈਕਸ਼ਨ 6(1)(ਈ) ਤਹਿਤ ਮਿਲੇ ਅਧਿਕਾਰਾਂ ਦੀ ਵਰਤੋਂ ਕਰਦੇ ਹੋਏ ਵਧੀਕ ਜ਼ਿਲ੍ਹਾ ਮੈਜਿਸਟ੍ਰੇਟ ਗੀਤਿਕਾ ਸਿੰਘ ਵੱਲੋਂ ਫਰਮ ਅਕਾਸ਼ ਐਜੂਕੇਸ਼ਨ ਐਸੋਸੀਏਟਸ ਦਾ ਲਾਇਸੰਸ ਰੱਦ ਕਰ ਦਿੱਤਾ ਗਿਆ ਹੈ।
ਬਠਿੰਡਾ ਹਾਲ ਵਾਸੀ ਦਿਵੇਂ ਨੰਬਰ 4552, ਦੂਜੀ ਮੰਜ਼ਿਲ, ਦਰਸ਼ਨ ਵਿਹਾਰ, ਏ.ਰੋਡ ਵੱਲ ਦੇ ਰਹਿਣ ਵਾਲੇ ਹਨ। ਉਨ੍ਹਾਂ ਨੂੰ ਕੰਸਲਟੈਂਸੀ ਦੇ ਕੰਮ ਲਈ ਲਾਇਸੰਸ ਜਾਰੀ ਕੀਤਾ ਗਿਆ ਸੀ।
ਸਬੰਧੀ ਸੂਚਨਾ ਨਾ ਭੇਜਣ ਕਰਕੇ, ਦਫ਼ਤਰ ਬੰਦ ਹੋਣ ਕਰਕੇ, ਲਾਇਸੰਸ ਦੀਆਂ ਸ਼ਰਤਾਂ ਦੀ ਪਾਲਣਾ ਨਾ ਕਰਨ ਕਰਕੇ ਨੋਟਿਸ ਜਾਰੀ ਕੀਤਾ ਗਿਆ ਸੀ। ਪਰ ਨੋਟਿਸ ਦਾ ਜਵਾਬ ਨਾ ਮਿਲਣ ਕਾਰਨ ਲਾਇਸੰਸ ਰੱਦ ਕਰ ਦਿੱਤਾ ਗਿਆ।
